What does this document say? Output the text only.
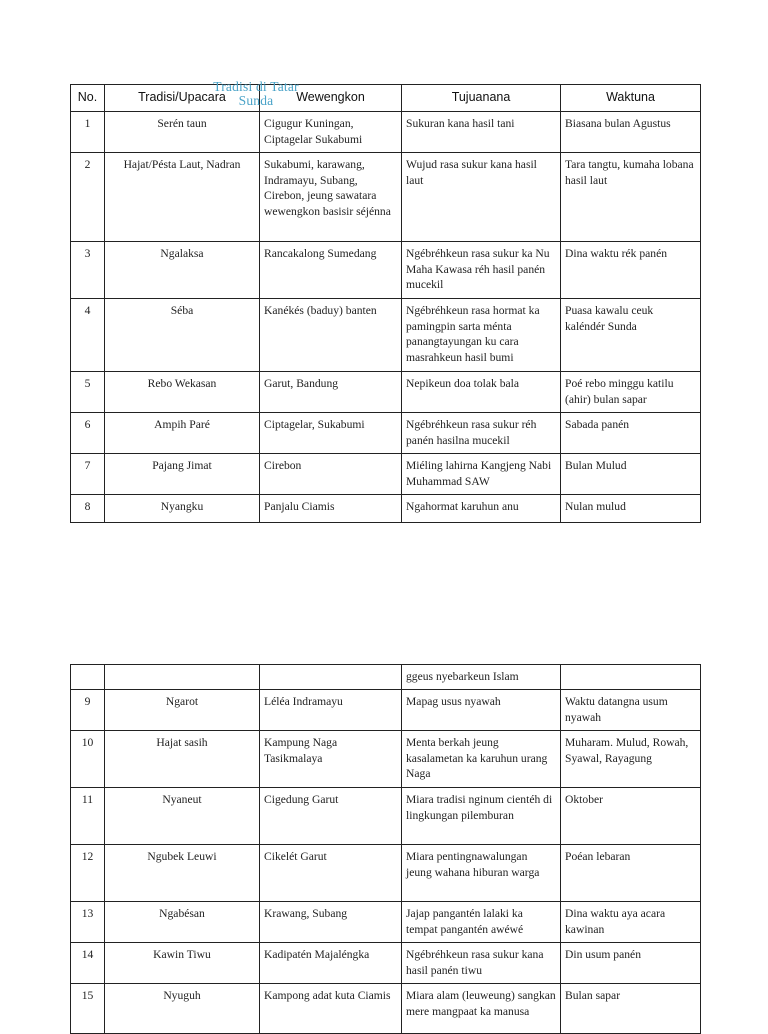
Tradisi di Tatar Sunda
No.	Tradisi/Upacara	Wewengkon	Tujuanana	Waktuna
1	Serén taun	Cigugur Kuningan, Ciptagelar Sukabumi	Sukuran kana hasil tani	Biasana bulan Agustus
2	Hajat/Pésta Laut, Nadran	Sukabumi, karawang, Indramayu, Subang, Cirebon, jeung sawatara wewengkon basisir séjénna	Wujud rasa sukur kana hasil laut	Tara tangtu, kumaha lobana hasil laut
3	Ngalaksa	Rancakalong Sumedang	Ngébréhkeun rasa sukur ka Nu Maha Kawasa réh hasil panén mucekil	Dina waktu rék panén
4	Séba	Kanékés (baduy) banten	Ngébréhkeun rasa hormat ka pamingpin sarta ménta panangtayungan ku cara masrahkeun hasil bumi	Puasa kawalu ceuk kaléndér Sunda
5	Rebo Wekasan	Garut, Bandung	Nepikeun doa tolak bala	Poé rebo minggu katilu (ahir) bulan sapar
6	Ampih Paré	Ciptagelar, Sukabumi	Ngébréhkeun rasa sukur réh panén hasilna mucekil	Sabada panén
7	Pajang Jimat	Cirebon	Miéling lahirna Kangjeng Nabi Muhammad SAW	Bulan Mulud
8	Nyangku	Panjalu Ciamis	Ngahormat karuhun anu	Nulan mulud
			ggeus nyebarkeun Islam	
9	Ngarot	Léléa Indramayu	Mapag usus nyawah	Waktu datangna usum nyawah
10	Hajat sasih	Kampung Naga Tasikmalaya	Menta berkah jeung kasalametan ka karuhun urang Naga	Muharam. Mulud, Rowah, Syawal, Rayagung
11	Nyaneut	Cigedung Garut	Miara tradisi nginum cientéh di lingkungan pilemburan	Oktober
12	Ngubek Leuwi	Cikelét Garut	Miara pentingnawalungan jeung wahana hiburan warga	Poéan lebaran
13	Ngabésan	Krawang, Subang	Jajap pangantén lalaki ka tempat pangantén awéwé	Dina waktu aya acara kawinan
14	Kawin Tiwu	Kadipatén Majaléngka	Ngébréhkeun rasa sukur kana hasil panén tiwu	Din usum panén
15	Nyuguh	Kampong adat kuta Ciamis	Miara alam (leuweung) sangkan mere mangpaat ka manusa	Bulan sapar
